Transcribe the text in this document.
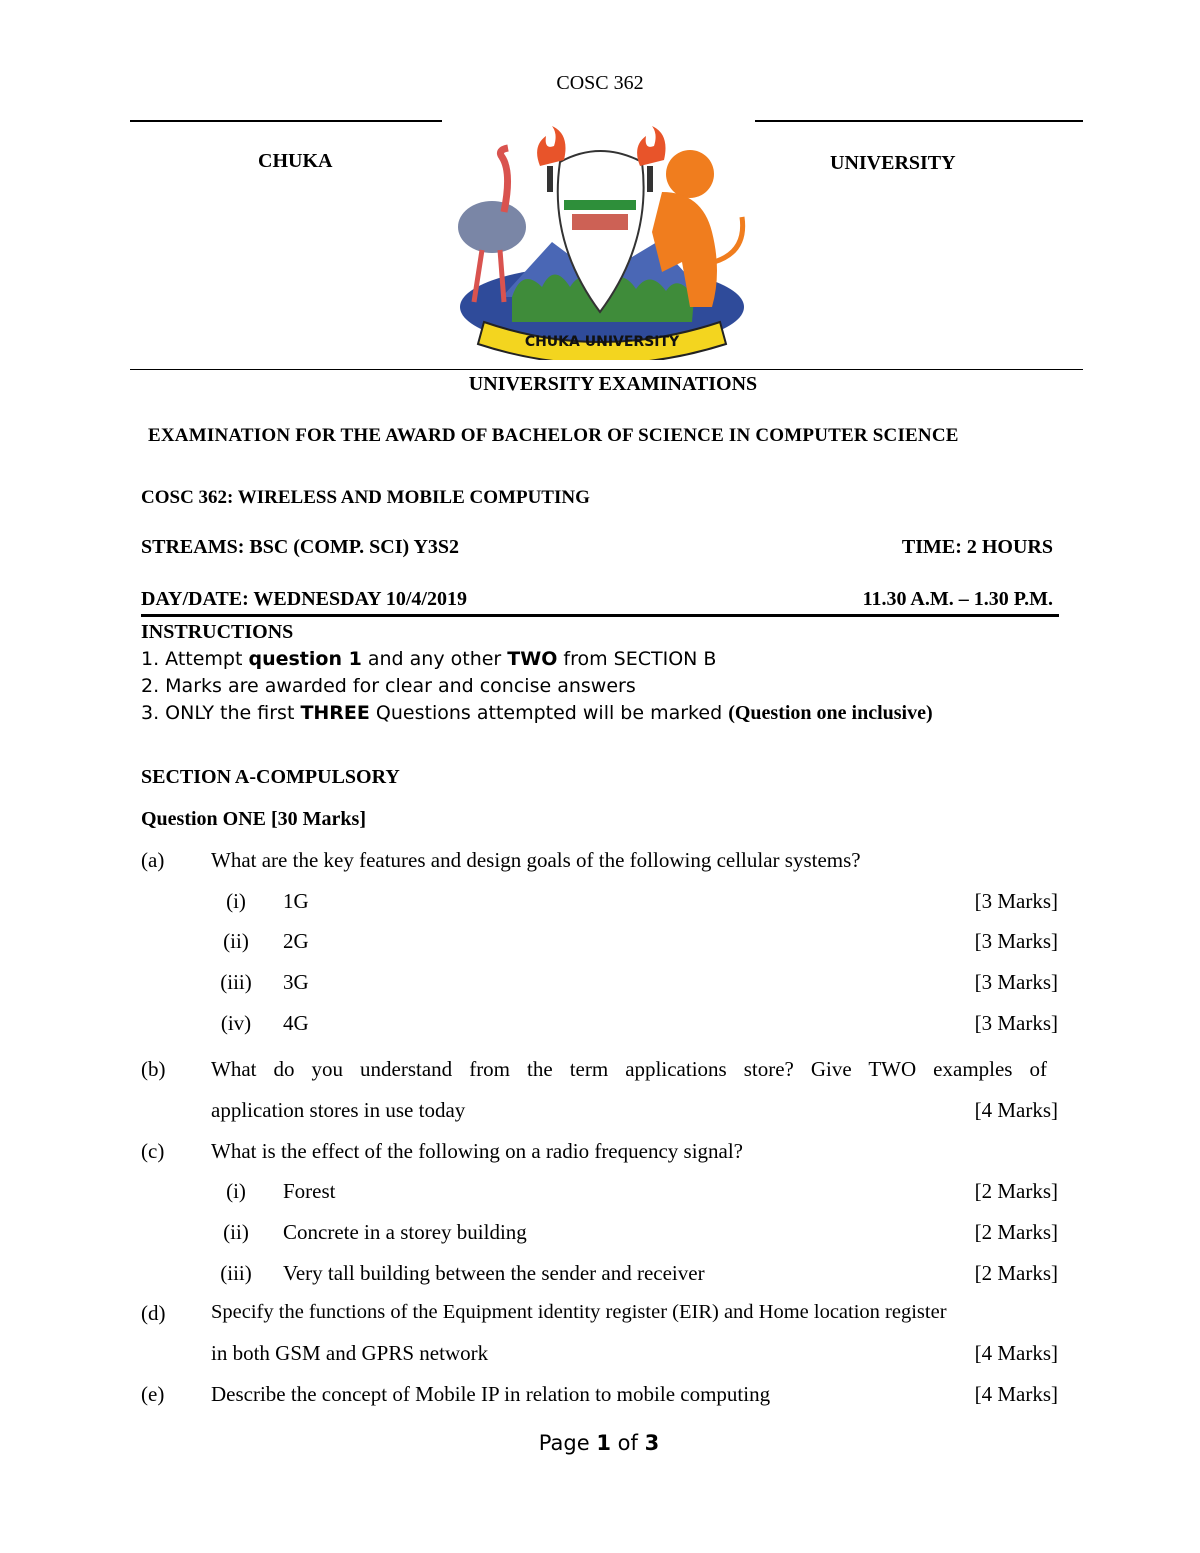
COSC 362
CHUKA	UNIVERSITY
CHUKA UNIVERSITY
UNIVERSITY EXAMINATIONS
EXAMINATION FOR THE AWARD OF BACHELOR OF SCIENCE IN COMPUTER SCIENCE
COSC 362: WIRELESS AND MOBILE COMPUTING
STREAMS: BSC (COMP. SCI) Y3S2	TIME: 2 HOURS
DAY/DATE: WEDNESDAY 10/4/2019	11.30 A.M. – 1.30 P.M.
INSTRUCTIONS
1. Attempt question 1 and any other TWO from SECTION B
2. Marks are awarded for clear and concise answers
3. ONLY the first THREE Questions attempted will be marked (Question one inclusive)
SECTION A-COMPULSORY
Question ONE [30 Marks]
(a) What are the key features and design goals of the following cellular systems?
(i)	1G	[3 Marks]
(ii)	2G	[3 Marks]
(iii)	3G	[3 Marks]
(iv)	4G	[3 Marks]
(b) What do you understand from the term applications store? Give TWO examples of
application stores in use today	[4 Marks]
(c) What is the effect of the following on a radio frequency signal?
(i)	Forest	[2 Marks]
(ii)	Concrete in a storey building	[2 Marks]
(iii)	Very tall building between the sender and receiver	[2 Marks]
(d) Specify the functions of the Equipment identity register (EIR) and Home location register
in both GSM and GPRS network	[4 Marks]
(e) Describe the concept of Mobile IP in relation to mobile computing	[4 Marks]
Page 1 of 3
